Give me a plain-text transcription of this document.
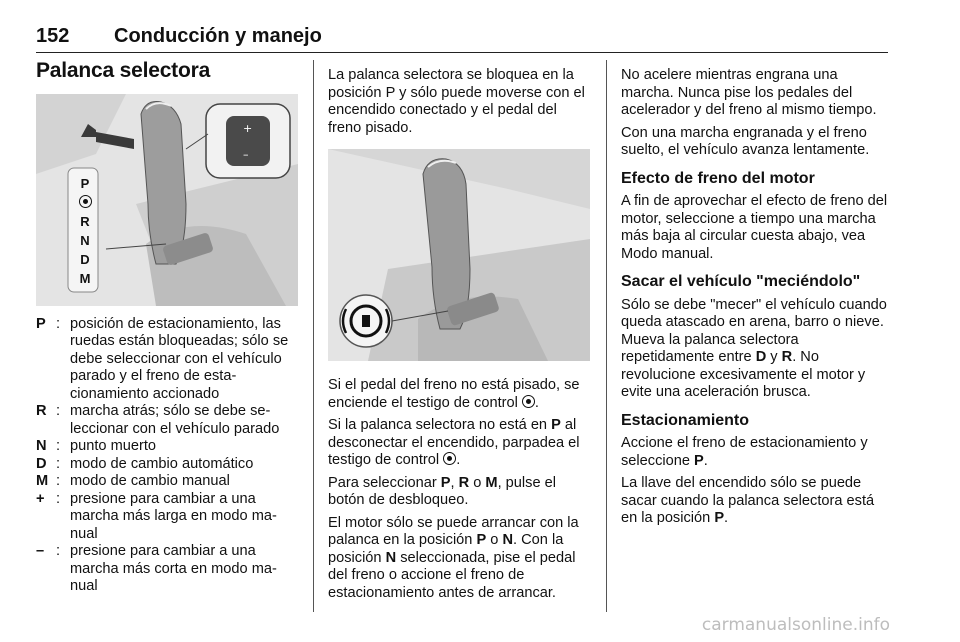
152 Conducción y manejo
Palanca selectora
+
–
P
R
N
D
M
P : posición de estacionamiento, las ruedas están bloqueadas; sólo se debe seleccionar con el vehículo parado y el freno de estacionamiento accionado
R : marcha atrás; sólo se debe seleccionar con el vehículo parado
N : punto muerto
D : modo de cambio automático
M : modo de cambio manual
+ : presione para cambiar a una marcha más larga en modo manual
– : presione para cambiar a una marcha más corta en modo manual

La palanca selectora se bloquea en la posición P y sólo puede moverse con el encendido conectado y el pedal del freno pisado.

Si el pedal del freno no está pisado, se enciende el testigo de control .

Si la palanca selectora no está en P al desconectar el encendido, parpadea el testigo de control .

Para seleccionar P, R o M, pulse el botón de desbloqueo.

El motor sólo se puede arrancar con la palanca en la posición P o N. Con la posición N seleccionada, pise el pedal del freno o accione el freno de estacionamiento antes de arrancar.

No acelere mientras engrana una marcha. Nunca pise los pedales del acelerador y del freno al mismo tiempo.

Con una marcha engranada y el freno suelto, el vehículo avanza lentamente.

Efecto de freno del motor

A fin de aprovechar el efecto de freno del motor, seleccione a tiempo una marcha más baja al circular cuesta abajo, vea Modo manual.

Sacar el vehículo "meciéndolo"

Sólo se debe "mecer" el vehículo cuando queda atascado en arena, barro o nieve. Mueva la palanca selectora repetidamente entre D y R. No revolucione excesivamente el motor y evite una aceleración brusca.

Estacionamiento

Accione el freno de estacionamiento y seleccione P.

La llave del encendido sólo se puede sacar cuando la palanca selectora está en la posición P.

carmanualsonline.info
